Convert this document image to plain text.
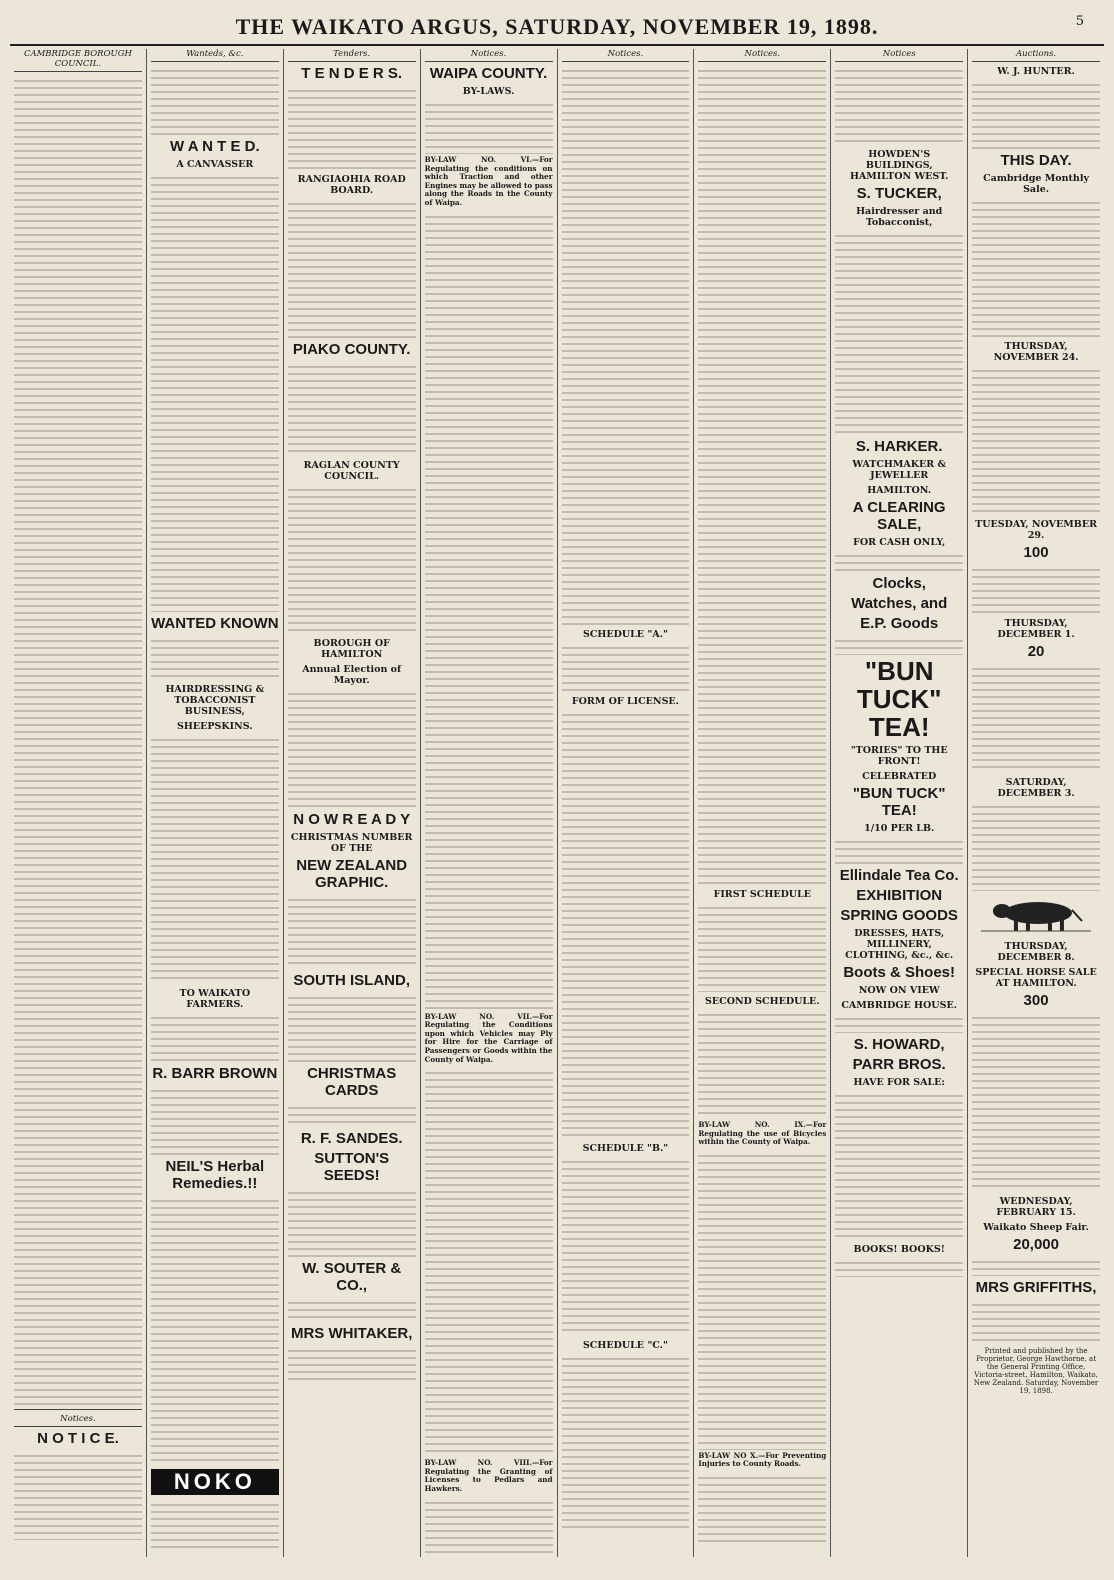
THE WAIKATO ARGUS, SATURDAY, NOVEMBER 19, 1898.	5
CAMBRIDGE BOROUGH COUNCIL.
Notices.
N O T I C E.
Wanteds, &c.
W A N T E D.
A CANVASSER
WANTED KNOWN
HAIRDRESSING & TOBACCONIST BUSINESS,
SHEEPSKINS.
TO WAIKATO FARMERS.
R. BARR BROWN
NEIL'S Herbal Remedies.!!
NOKO
Tenders.
T E N D E R S.
RANGIAOHIA ROAD BOARD.
PIAKO COUNTY.
RAGLAN COUNTY COUNCIL.
BOROUGH OF HAMILTON
Annual Election of Mayor.
N O W R E A D Y
CHRISTMAS NUMBER OF THE
NEW ZEALAND GRAPHIC.
SOUTH ISLAND,
CHRISTMAS CARDS
R. F. SANDES.
SUTTON'S SEEDS!
W. SOUTER & CO.,
MRS WHITAKER,
Notices.
WAIPA COUNTY.
BY-LAWS.
BY-LAW NO. VI.—For Regulating the conditions on which Traction and other Engines may be allowed to pass along the Roads in the County of Waipa.
BY-LAW NO. VII.—For Regulating the Conditions upon which Vehicles may Ply for Hire for the Carriage of Passengers or Goods within the County of Waipa.
BY-LAW NO. VIII.—For Regulating the Granting of Licenses to Pedlars and Hawkers.
Notices.
SCHEDULE "A."
FORM OF LICENSE.
SCHEDULE "B."
SCHEDULE "C."
Notices.
FIRST SCHEDULE
SECOND SCHEDULE.
BY-LAW NO. IX.—For Regulating the use of Bicycles within the County of Waipa.
BY-LAW NO X.—For Preventing Injuries to County Roads.
Notices
HOWDEN'S BUILDINGS, HAMILTON WEST.
S. TUCKER,
Hairdresser and Tobacconist,
S. HARKER.
WATCHMAKER & JEWELLER
HAMILTON.
A CLEARING SALE,
FOR CASH ONLY,
Clocks,
Watches, and
E.P. Goods
"BUN TUCK" TEA!
"TORIES" TO THE FRONT!
CELEBRATED
"BUN TUCK" TEA!
1/10 PER LB.
Ellindale Tea Co.
EXHIBITION
SPRING GOODS
DRESSES, HATS, MILLINERY, CLOTHING, &c., &c.
Boots & Shoes!
NOW ON VIEW
CAMBRIDGE HOUSE.
S. HOWARD,
PARR BROS.
HAVE FOR SALE:
BOOKS! BOOKS!
Auctions.
W. J. HUNTER.
THIS DAY.
Cambridge Monthly Sale.
THURSDAY, NOVEMBER 24.
TUESDAY, NOVEMBER 29.
100
THURSDAY, DECEMBER 1.
20
SATURDAY, DECEMBER 3.
THURSDAY, DECEMBER 8.
SPECIAL HORSE SALE AT HAMILTON.
300
WEDNESDAY, FEBRUARY 15.
Waikato Sheep Fair.
20,000
MRS GRIFFITHS,
Printed and published by the Proprietor, George Hawthorne, at the General Printing Office, Victoria-street, Hamilton, Waikato, New Zealand. Saturday, November 19, 1898.
